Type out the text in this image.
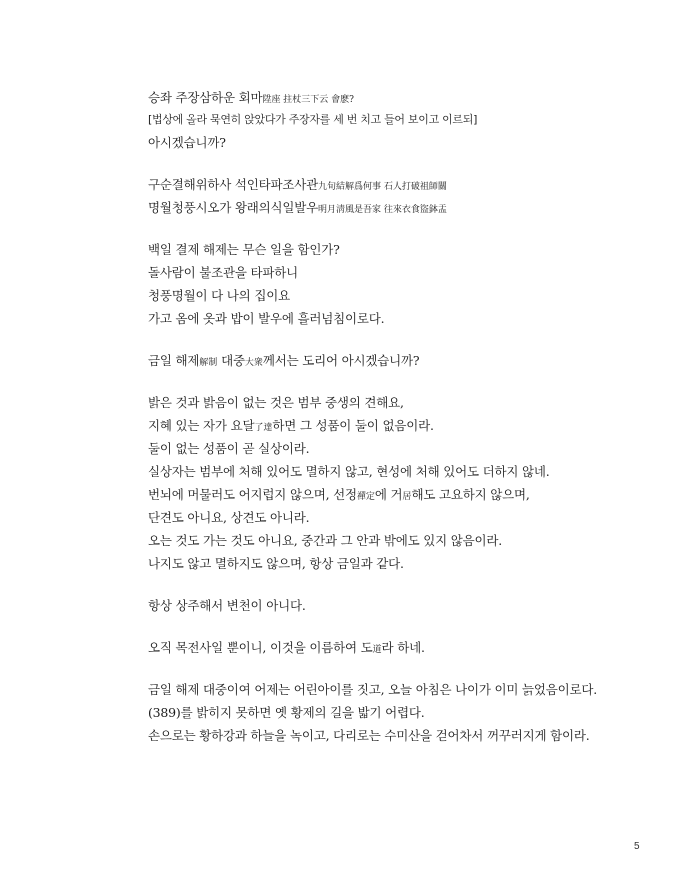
승좌 주장삼하운 회마陞座 拄杖三下云 會麽?
[법상에 올라 묵연히 앉았다가 주장자를 세 번 치고 들어 보이고 이르되]
아시겠습니까?
구순결해위하사 석인타파조사관九旬結解爲何事 石人打破祖師關
명월청풍시오가 왕래의식일발우明月淸風是吾家 往來衣食盜鉢盂
백일 결제 해제는 무슨 일을 함인가?
돌사람이 불조관을 타파하니
청풍명월이 다 나의 집이요
가고 옴에 옷과 밥이 발우에 흘러넘침이로다.
금일 해제解制 대중大衆께서는 도리어 아시겠습니까?
밝은 것과 밝음이 없는 것은 범부 중생의 견해요,
지혜 있는 자가 요달了達하면 그 성품이 둘이 없음이라.
둘이 없는 성품이 곧 실상이라.
실상자는 범부에 처해 있어도 멸하지 않고, 현성에 처해 있어도 더하지 않네.
번뇌에 머물러도 어지럽지 않으며, 선정禪定에 거居해도 고요하지 않으며,
단견도 아니요, 상견도 아니라.
오는 것도 가는 것도 아니요, 중간과 그 안과 밖에도 있지 않음이라.
나지도 않고 멸하지도 않으며, 항상 금일과 같다.
항상 상주해서 변천이 아니다.
오직 목전사일 뿐이니, 이것을 이름하여 도道라 하네.
금일 해제 대중이여 어제는 어린아이를 짓고, 오늘 아침은 나이가 이미 늙었음이로다.
(389)를 밝히지 못하면 옛 황제의 길을 밟기 어렵다.
손으로는 황하강과 하늘을 녹이고, 다리로는 수미산을 걷어차서 꺼꾸러지게 함이라.
5
